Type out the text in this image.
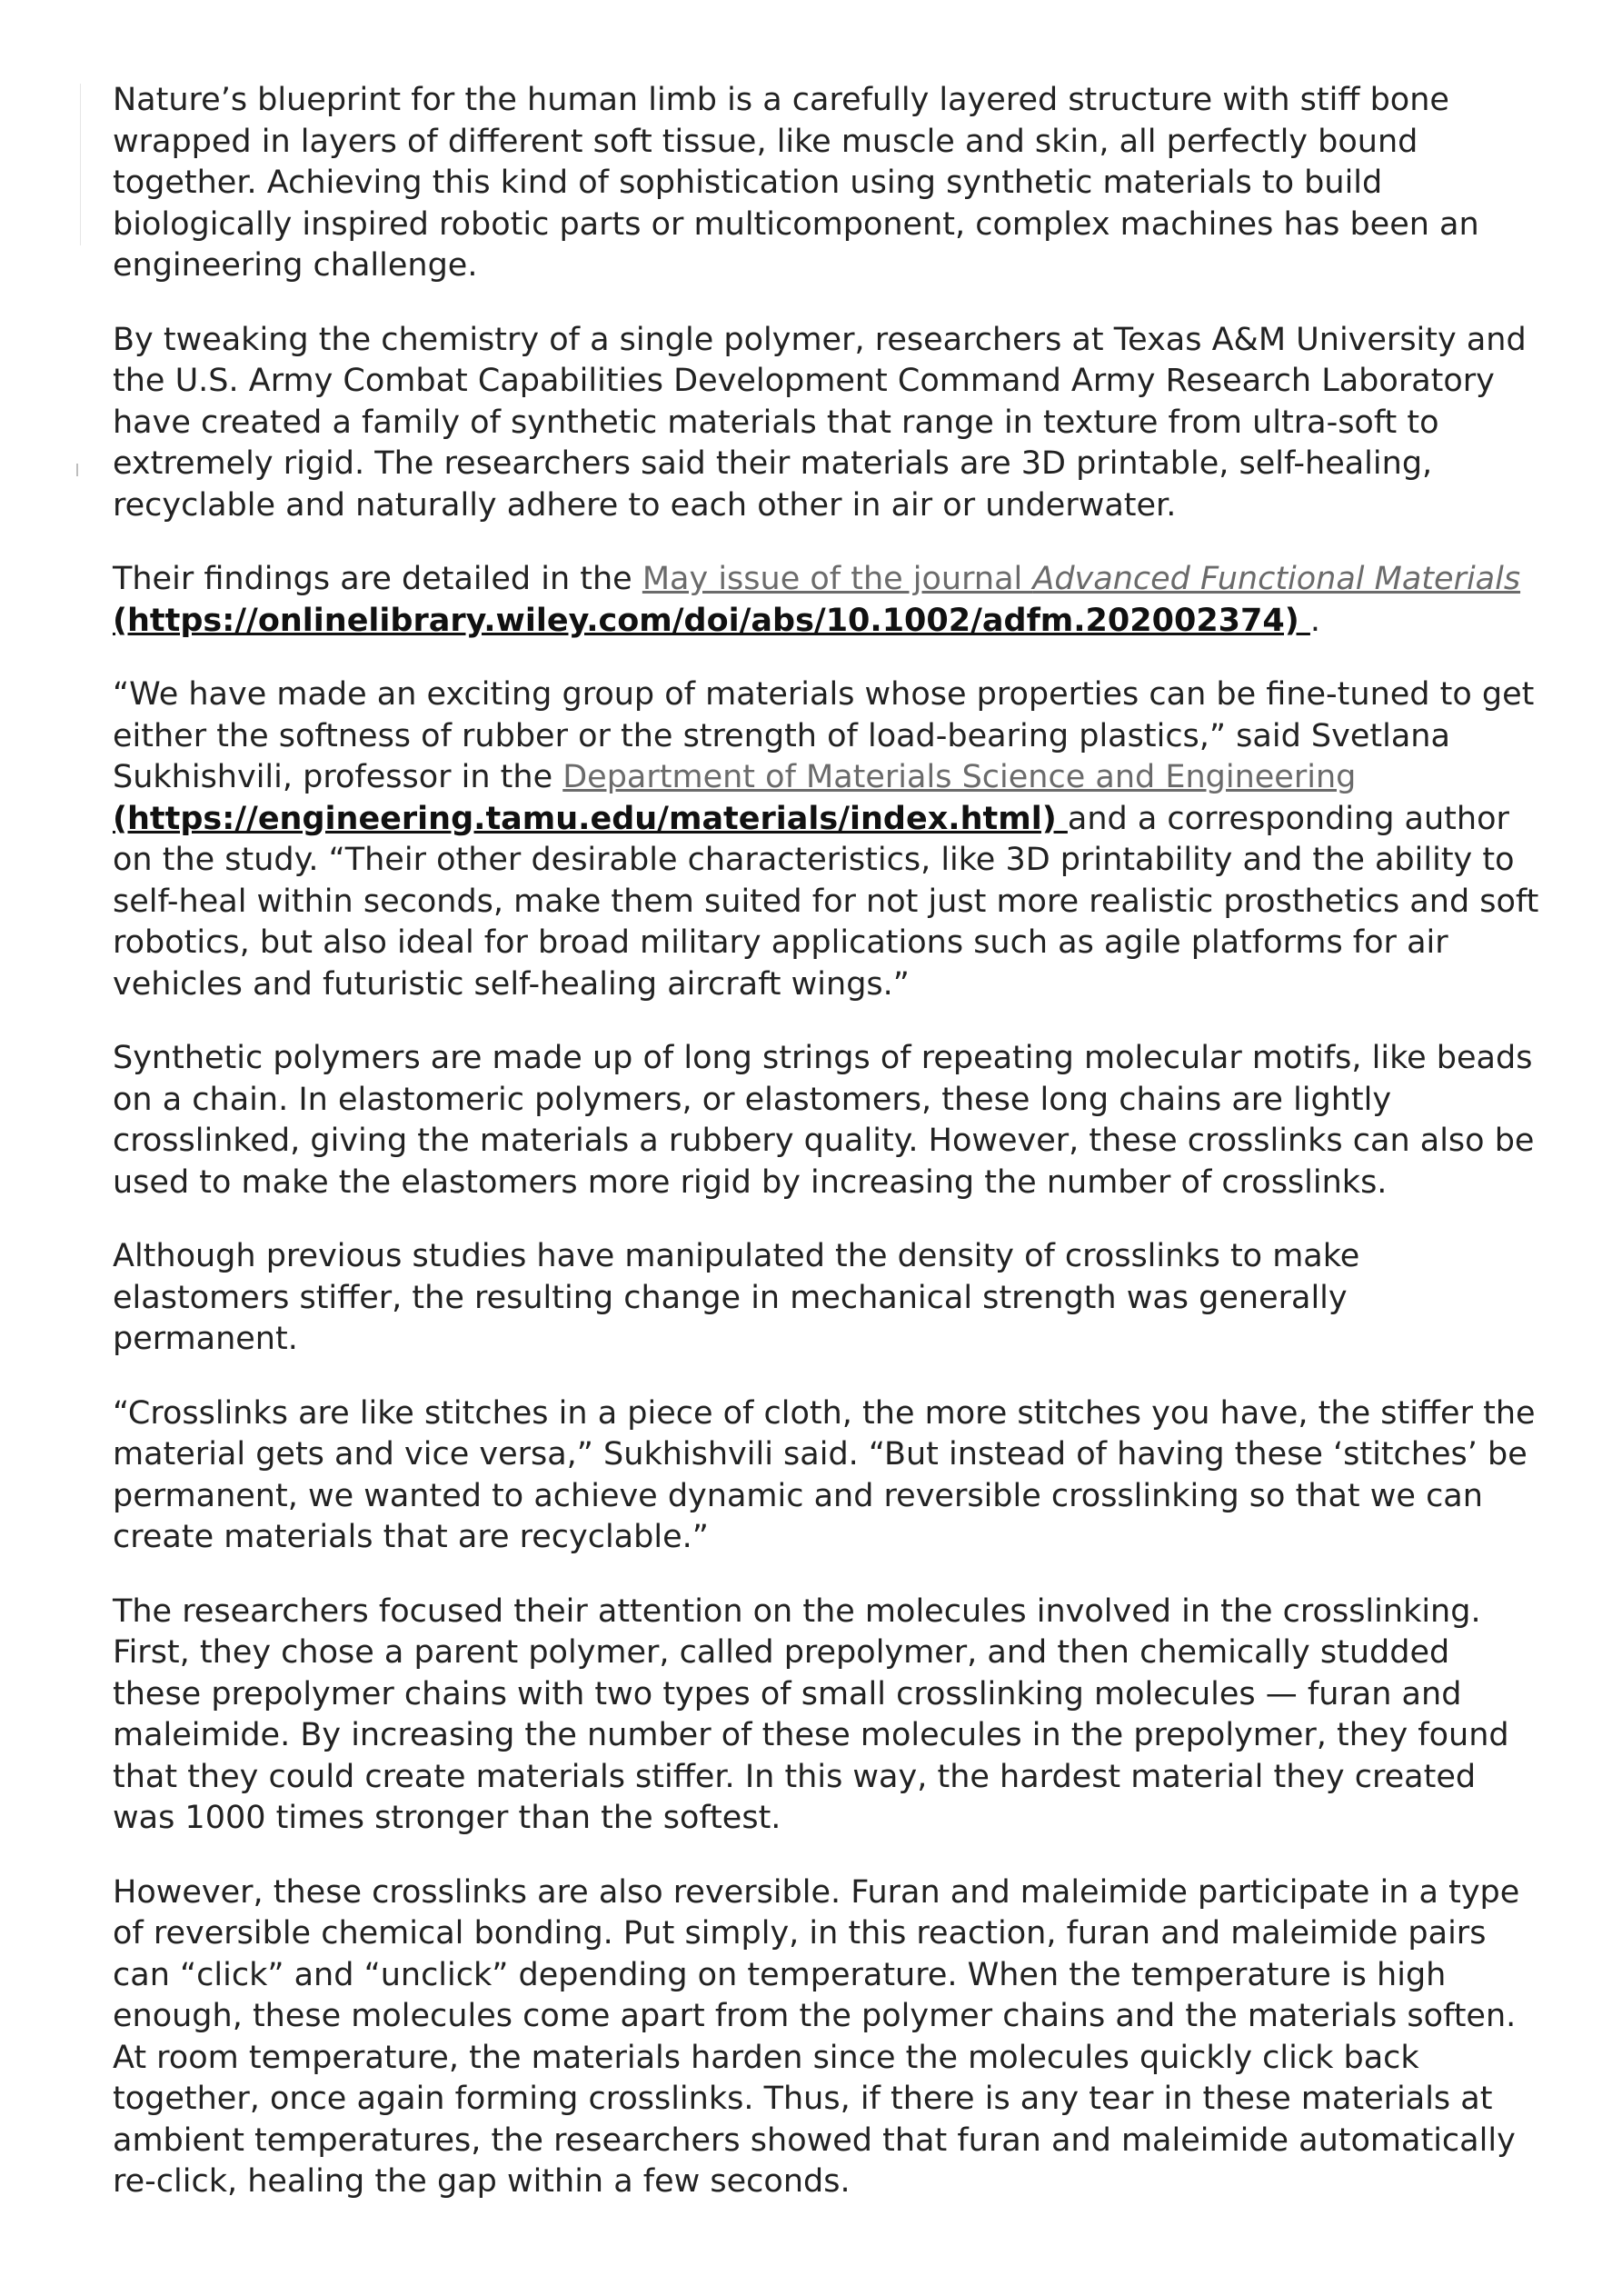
Nature’s blueprint for the human limb is a carefully layered structure with stiff bone wrapped in layers of different soft tissue, like muscle and skin, all perfectly bound together. Achieving this kind of sophistication using synthetic materials to build biologically inspired robotic parts or multicomponent, complex machines has been an engineering challenge.

By tweaking the chemistry of a single polymer, researchers at Texas A&M University and the U.S. Army Combat Capabilities Development Command Army Research Laboratory have created a family of synthetic materials that range in texture from ultra-soft to extremely rigid. The researchers said their materials are 3D printable, self-healing, recyclable and naturally adhere to each other in air or underwater.

Their findings are detailed in the May issue of the journal Advanced Functional Materials
(https://onlinelibrary.wiley.com/doi/abs/10.1002/adfm.202002374) .

“We have made an exciting group of materials whose properties can be fine-tuned to get either the softness of rubber or the strength of load-bearing plastics,” said Svetlana Sukhishvili, professor in the Department of Materials Science and Engineering
(https://engineering.tamu.edu/materials/index.html) and a corresponding author on the study. “Their other desirable characteristics, like 3D printability and the ability to self-heal within seconds, make them suited for not just more realistic prosthetics and soft robotics, but also ideal for broad military applications such as agile platforms for air vehicles and futuristic self-healing aircraft wings.”

Synthetic polymers are made up of long strings of repeating molecular motifs, like beads on a chain. In elastomeric polymers, or elastomers, these long chains are lightly crosslinked, giving the materials a rubbery quality. However, these crosslinks can also be used to make the elastomers more rigid by increasing the number of crosslinks.

Although previous studies have manipulated the density of crosslinks to make elastomers stiffer, the resulting change in mechanical strength was generally permanent.

“Crosslinks are like stitches in a piece of cloth, the more stitches you have, the stiffer the material gets and vice versa,” Sukhishvili said. “But instead of having these ‘stitches’ be permanent, we wanted to achieve dynamic and reversible crosslinking so that we can create materials that are recyclable.”

The researchers focused their attention on the molecules involved in the crosslinking. First, they chose a parent polymer, called prepolymer, and then chemically studded these prepolymer chains with two types of small crosslinking molecules — furan and maleimide. By increasing the number of these molecules in the prepolymer, they found that they could create materials stiffer. In this way, the hardest material they created was 1000 times stronger than the softest.

However, these crosslinks are also reversible. Furan and maleimide participate in a type of reversible chemical bonding. Put simply, in this reaction, furan and maleimide pairs can “click” and “unclick” depending on temperature. When the temperature is high enough, these molecules come apart from the polymer chains and the materials soften. At room temperature, the materials harden since the molecules quickly click back together, once again forming crosslinks. Thus, if there is any tear in these materials at ambient temperatures, the researchers showed that furan and maleimide automatically re-click, healing the gap within a few seconds.
